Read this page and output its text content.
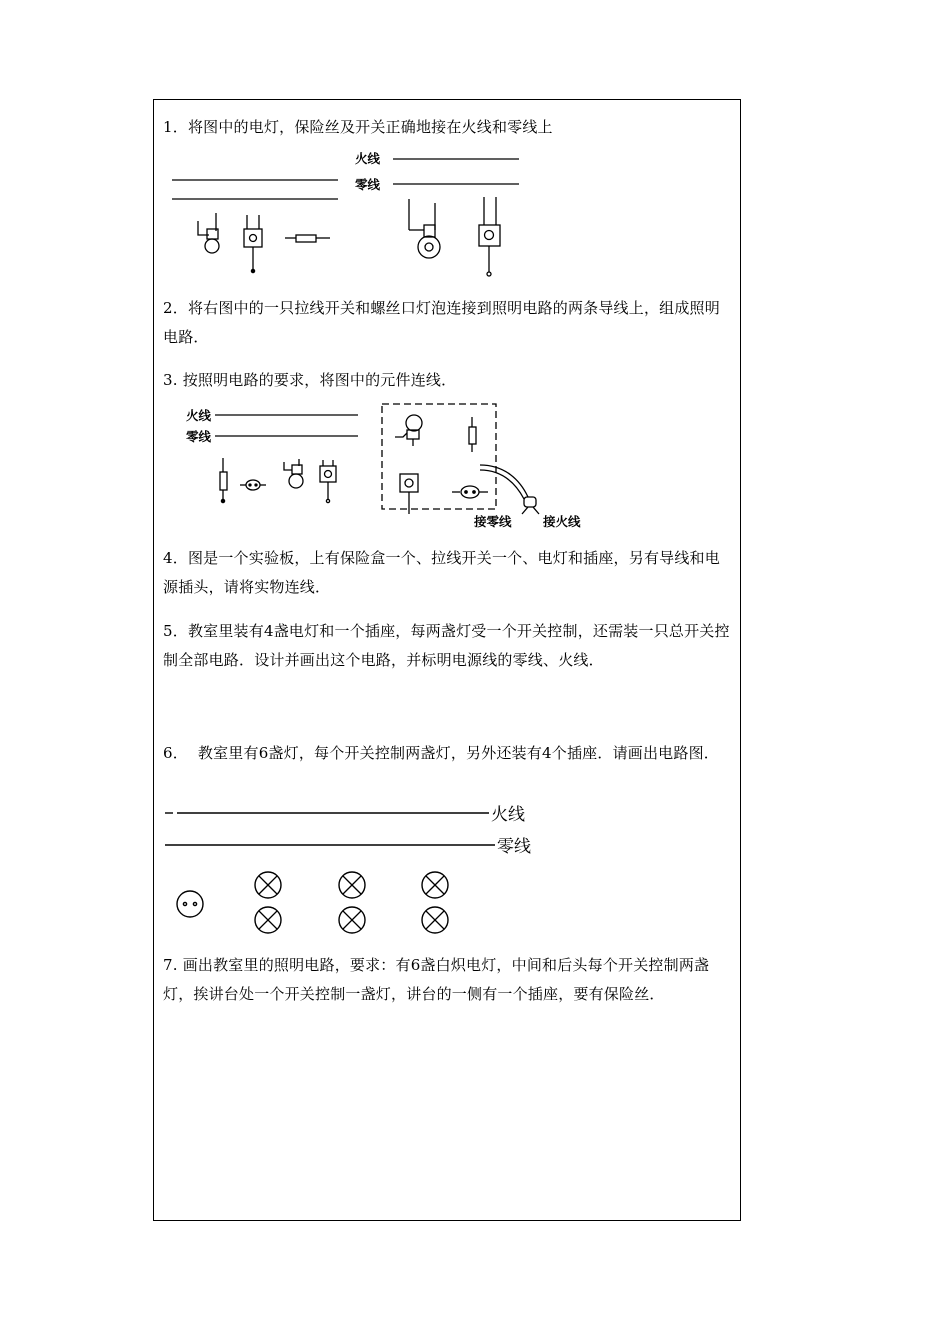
1．将图中的电灯，保险丝及开关正确地接在火线和零线上
火线
零线
2．将右图中的一只拉线开关和螺丝口灯泡连接到照明电路的两条导线上，组成照明电路．
3. 按照明电路的要求，将图中的元件连线．
火线
零线
接零线	接火线
4．图是一个实验板，上有保险盒一个、拉线开关一个、电灯和插座，另有导线和电源插头，请将实物连线．
5．教室里装有4盏电灯和一个插座，每两盏灯受一个开关控制，还需装一只总开关控制全部电路．设计并画出这个电路，并标明电源线的零线、火线．
6． 教室里有6盏灯，每个开关控制两盏灯，另外还装有4个插座．请画出电路图．
火线
零线
7. 画出教室里的照明电路，要求：有6盏白炽电灯，中间和后头每个开关控制两盏灯，挨讲台处一个开关控制一盏灯，讲台的一侧有一个插座，要有保险丝．
